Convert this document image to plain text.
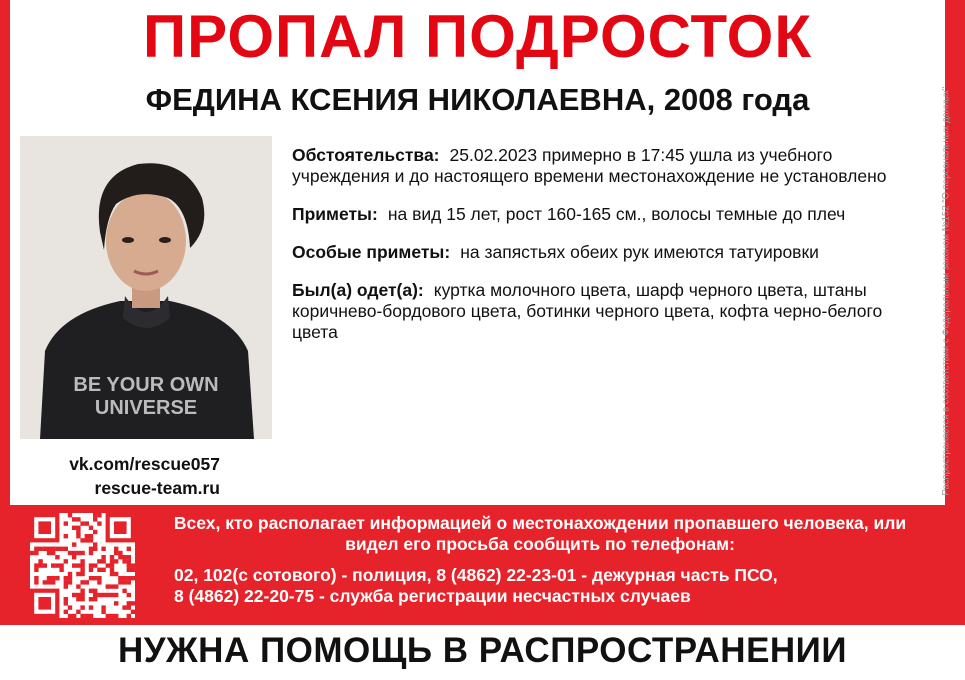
ПРОПАЛ ПОДРОСТОК
ФЕДИНА КСЕНИЯ НИКОЛАЕВНА, 2008 года
BE YOUR OWN
UNIVERSE
vk.com/rescue057
rescue-team.ru
Обстоятельства: 25.02.2023 примерно в 17:45 ушла из учебного учреждения и до настоящего времени местонахождение не установлено
Приметы: на вид 15 лет, рост 160-165 см., волосы темные до плеч
Особые приметы: на запястьях обеих рук имеются татуировки
Был(а) одет(а): куртка молочного цвета, шарф черного цвета, штаны коричнево-бордового цвета, ботинки черного цвета, кофта черно-белого цвета	Распространяется в соответствии с Федеральным законом №152 "О персональных данных"
Всех, кто располагает информацией о местонахождении пропавшего человека, или видел его просьба сообщить по телефонам:
02, 102(с сотового) - полиция, 8 (4862) 22-23-01 - дежурная часть ПСО,
8 (4862) 22-20-75 - служба регистрации несчастных случаев
НУЖНА ПОМОЩЬ В РАСПРОСТРАНЕНИИ
